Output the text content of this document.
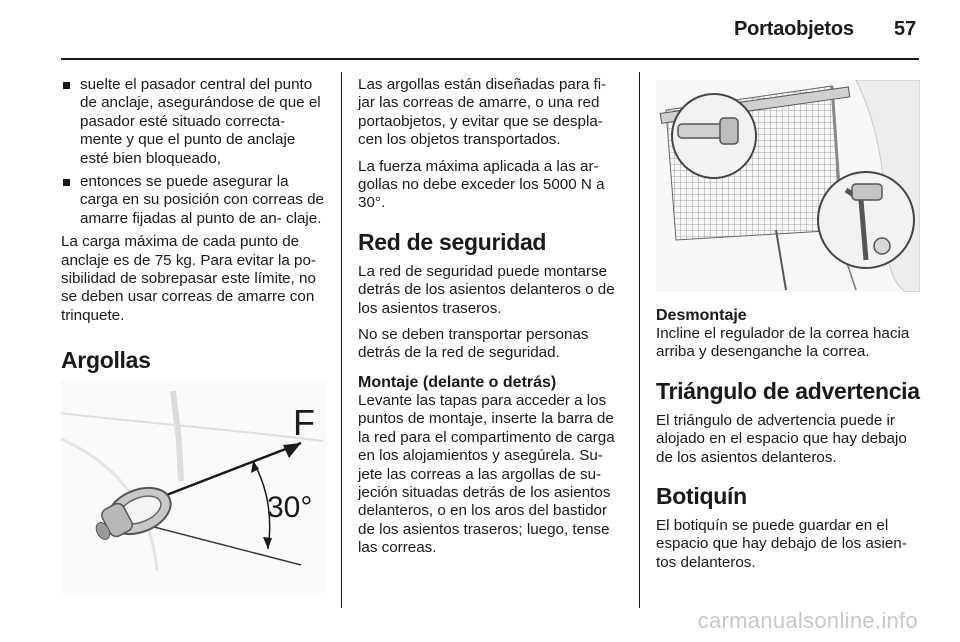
Portaobjetos 57
suelte el pasador central del punto de anclaje, asegurándose de que el pasador esté situado correcta- mente y que el punto de anclaje esté bien bloqueado,
entonces se puede asegurar la carga en su posición con correas de amarre fijadas al punto de an- claje.

La carga máxima de cada punto de anclaje es de 75 kg. Para evitar la po- sibilidad de sobrepasar este límite, no se deben usar correas de amarre con trinquete.

Argollas
F
30°

Las argollas están diseñadas para fi- jar las correas de amarre, o una red portaobjetos, y evitar que se despla- cen los objetos transportados.

La fuerza máxima aplicada a las ar- gollas no debe exceder los 5000 N a 30°.

Red de seguridad

La red de seguridad puede montarse detrás de los asientos delanteros o de los asientos traseros.

No se deben transportar personas detrás de la red de seguridad.

Montaje (delante o detrás)

Levante las tapas para acceder a los puntos de montaje, inserte la barra de la red para el compartimento de carga en los alojamientos y asegúrela. Su- jete las correas a las argollas de su- jeción situadas detrás de los asientos delanteros, o en los aros del bastidor de los asientos traseros; luego, tense las correas.

Desmontaje

Incline el regulador de la correa hacia arriba y desenganche la correa.

Triángulo de advertencia

El triángulo de advertencia puede ir alojado en el espacio que hay debajo de los asientos delanteros.

Botiquín

El botiquín se puede guardar en el espacio que hay debajo de los asien- tos delanteros.

carmanualsonline.info
